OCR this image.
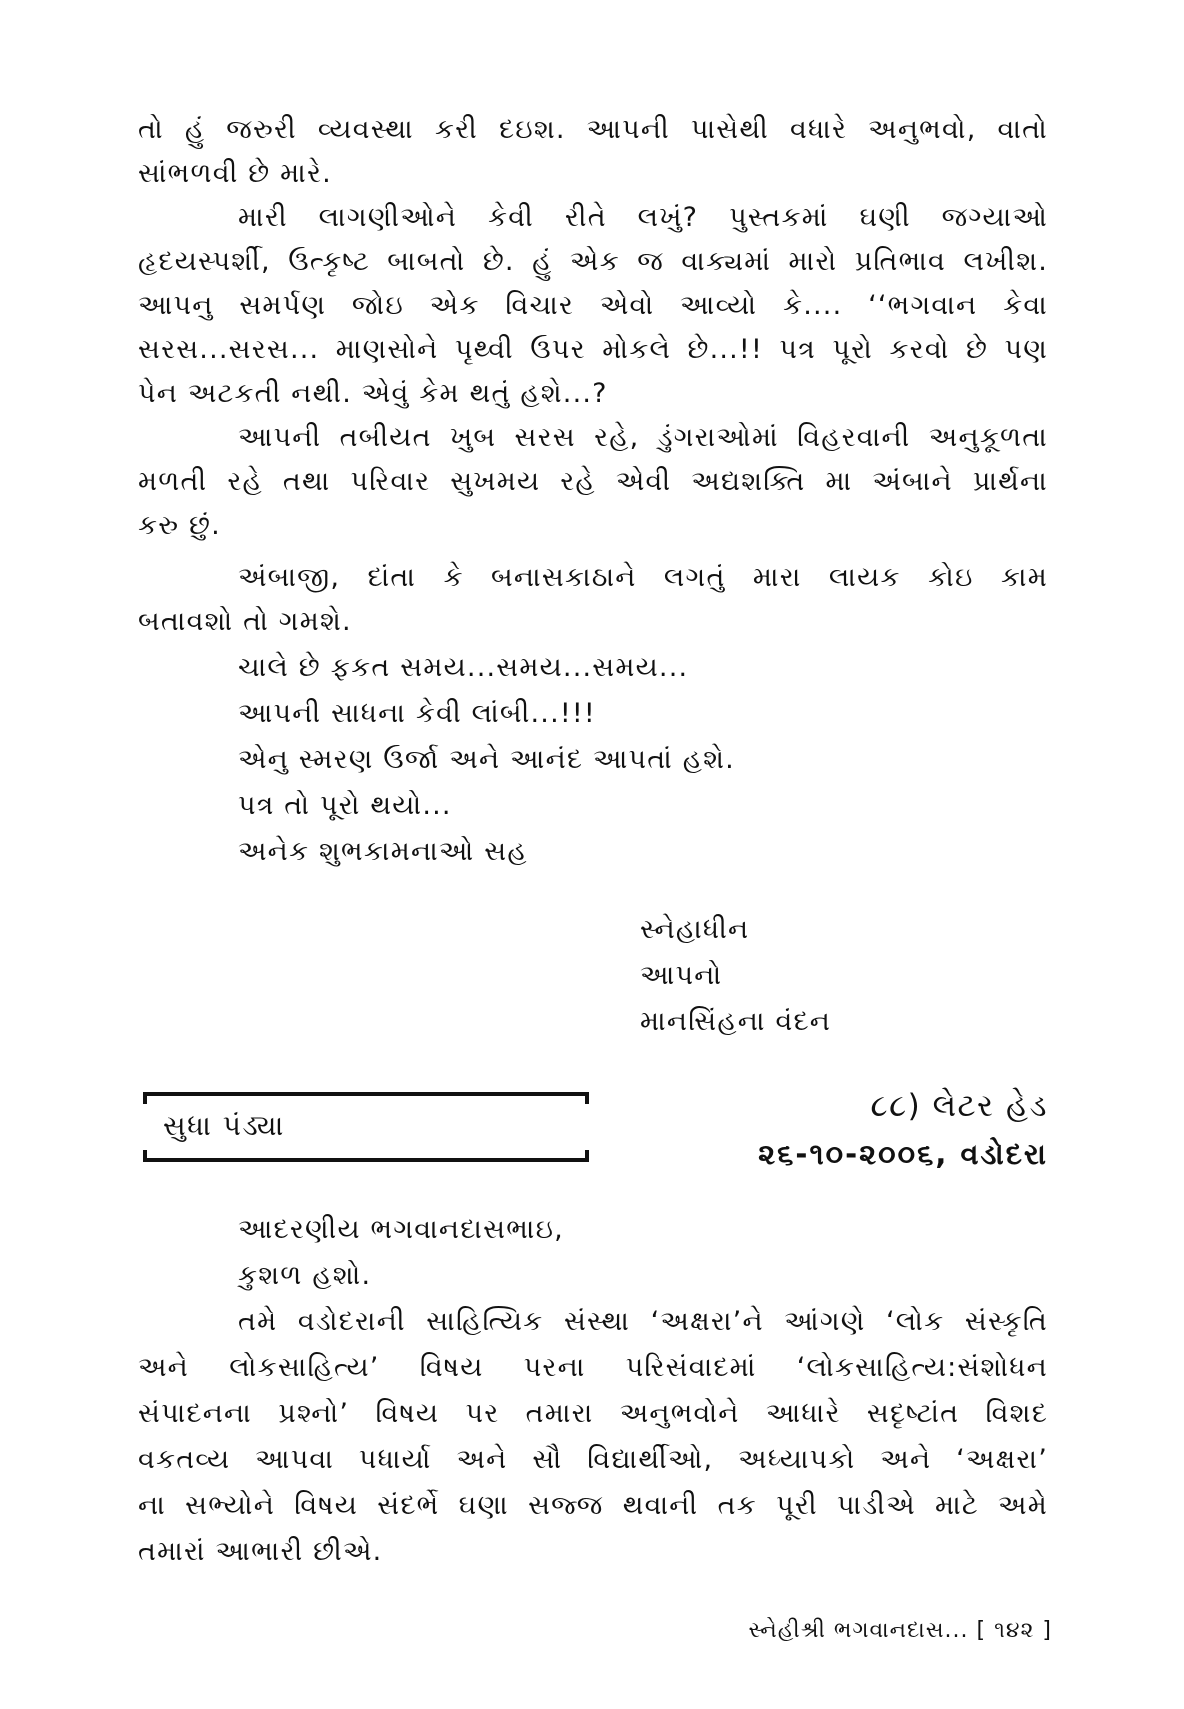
તો હું જરુરી વ્યવસ્થા કરી દઇશ. આપની પાસેથી વધારે અનુભવો, વાતો
સાંભળવી છે મારે.
મારી લાગણીઓને કેવી રીતે લખું? પુસ્તકમાં ઘણી જગ્યાઓ
હૃદયસ્પર્શી, ઉત્કૃષ્ટ બાબતો છે. હું એક જ વાક્યમાં મારો પ્રતિભાવ લખીશ.
આપનુ સમર્પણ જોઇ એક વિચાર એવો આવ્યો કે.... ‘‘ભગવાન કેવા
સરસ...સરસ... માણસોને પૃથ્વી ઉપર મોકલે છે...!! પત્ર પૂરો કરવો છે પણ
પેન અટકતી નથી. એવું કેમ થતું હશે...?
આપની તબીયત ખુબ સરસ રહે, ડુંગરાઓમાં વિહરવાની અનુકૂળતા
મળતી રહે તથા પરિવાર સુખમય રહે એવી અદ્યશક્તિ મા અંબાને પ્રાર્થના
કરુ છું.
અંબાજી, દાંતા કે બનાસકાઠાને લગતું મારા લાયક કોઇ કામ
બતાવશો તો ગમશે.
ચાલે છે ફકત સમય...સમય...સમય...
આપની સાધના કેવી લાંબી...!!!
એનુ સ્મરણ ઉર્જા અને આનંદ આપતાં હશે.
પત્ર તો પૂરો થયો...
અનેક શુભકામનાઓ સહ
સ્નેહાધીન
આપનો
માનસિંહના વંદન
સુધા પંડ્યા
૮૮) લેટર હેડ
૨૬-૧૦-૨૦૦૬, વડોદરા
આદરણીય ભગવાનદાસભાઇ,
કુશળ હશો.
તમે વડોદરાની સાહિત્યિક સંસ્થા ‘અક્ષરા’ને આંગણે ‘લોક સંસ્કૃતિ
અને લોકસાહિત્ય’ વિષય પરના પરિસંવાદમાં ‘લોકસાહિત્ય:સંશોધન
સંપાદનના પ્રશ્નો’ વિષય પર તમારા અનુભવોને આધારે સદૃષ્ટાંત વિશદ
વકતવ્ય આપવા પધાર્યા અને સૌ વિદ્યાર્થીઓ, અધ્યાપકો અને ‘અક્ષરા’
ના સભ્યોને વિષય સંદર્ભે ઘણા સજ્જ થવાની તક પૂરી પાડીએ માટે અમે
તમારાં આભારી છીએ.
સ્નેહીશ્રી ભગવાનદાસ... [ ૧૪૨ ]
